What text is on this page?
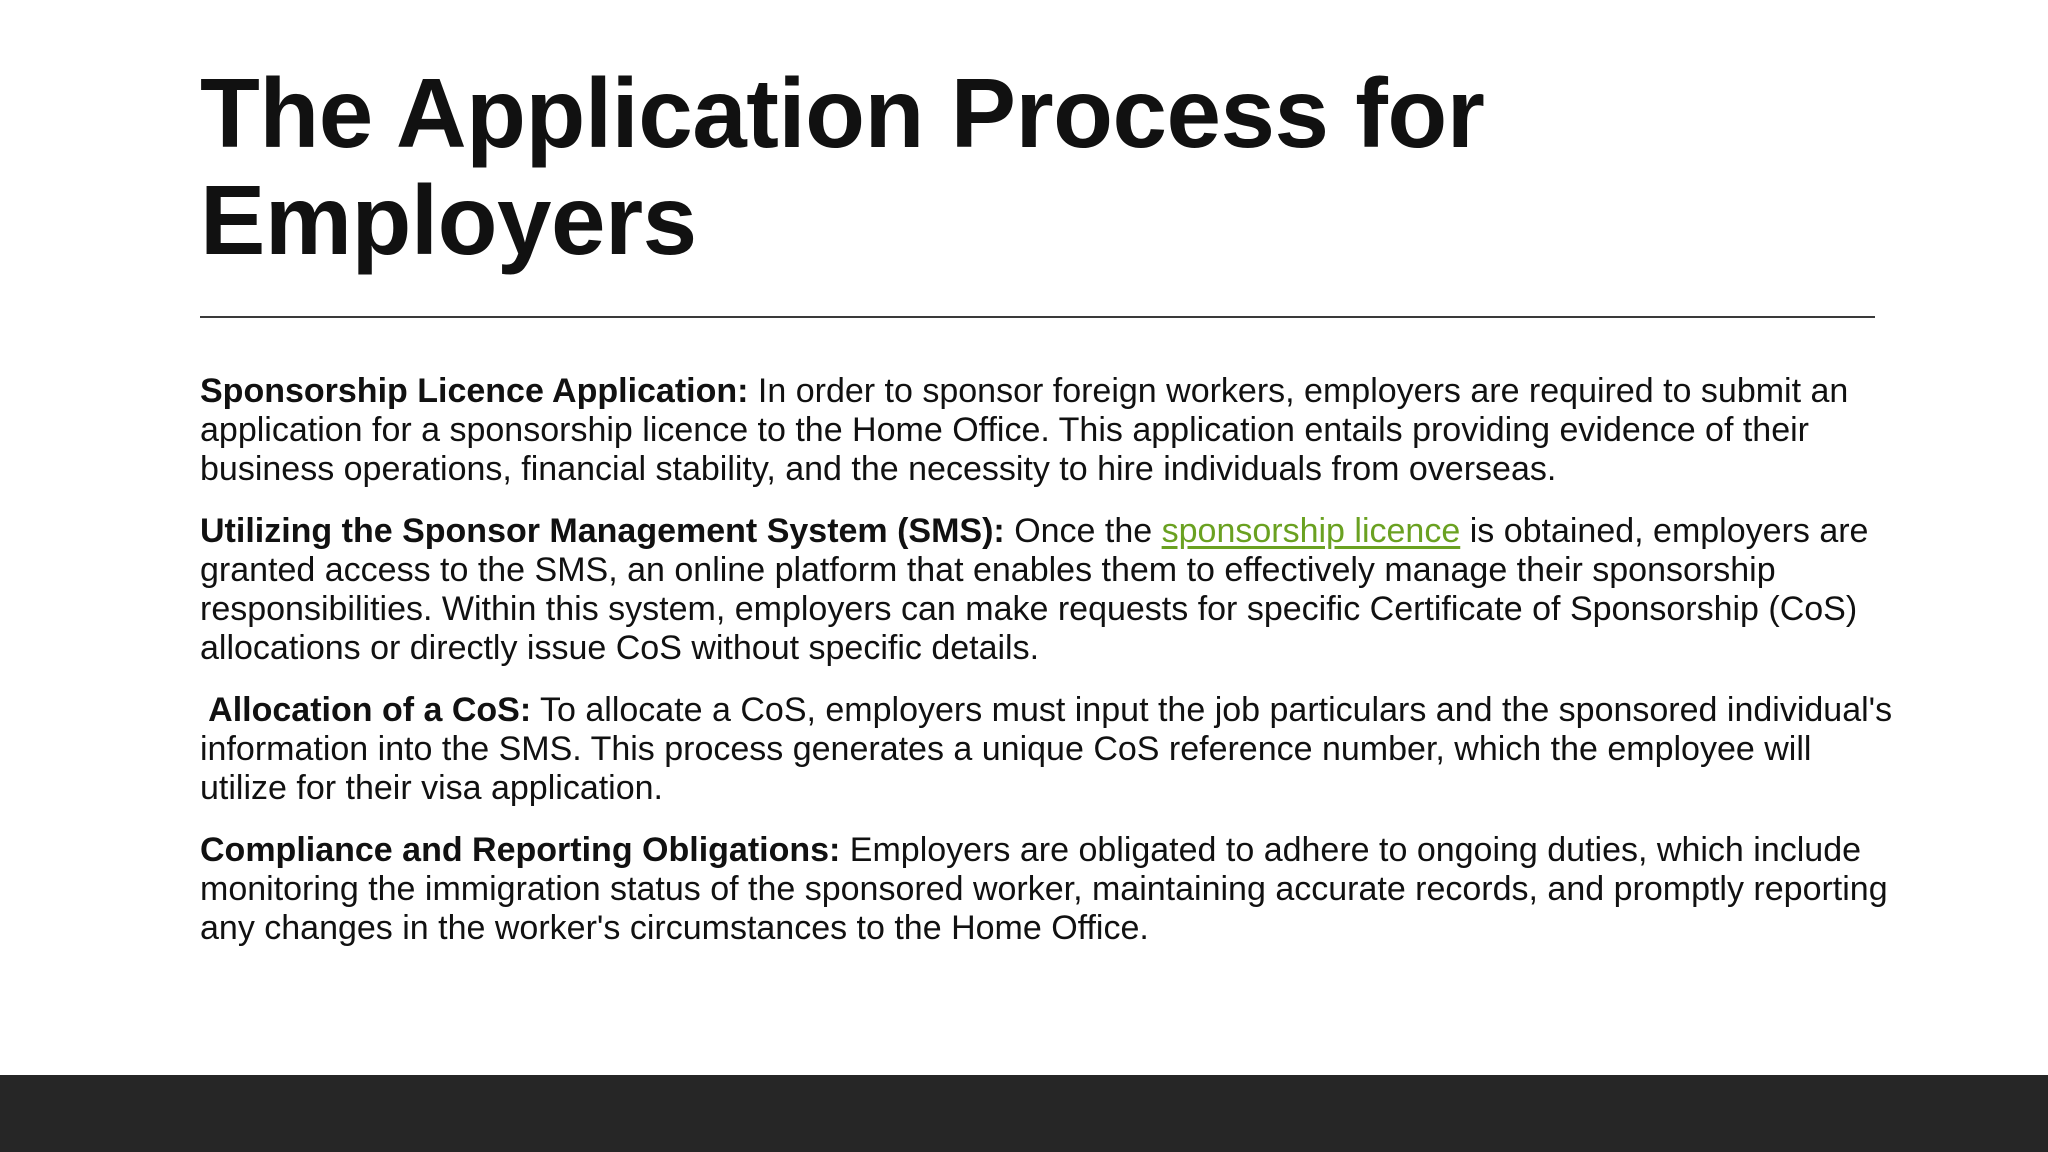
The Application Process for
Employers

Sponsorship Licence Application: In order to sponsor foreign workers, employers are required to submit an application for a sponsorship licence to the Home Office. This application entails providing evidence of their business operations, financial stability, and the necessity to hire individuals from overseas.

Utilizing the Sponsor Management System (SMS): Once the sponsorship licence is obtained, employers are granted access to the SMS, an online platform that enables them to effectively manage their sponsorship responsibilities. Within this system, employers can make requests for specific Certificate of Sponsorship (CoS) allocations or directly issue CoS without specific details.

Allocation of a CoS: To allocate a CoS, employers must input the job particulars and the sponsored individual's information into the SMS. This process generates a unique CoS reference number, which the employee will utilize for their visa application.

Compliance and Reporting Obligations: Employers are obligated to adhere to ongoing duties, which include monitoring the immigration status of the sponsored worker, maintaining accurate records, and promptly reporting any changes in the worker's circumstances to the Home Office.
